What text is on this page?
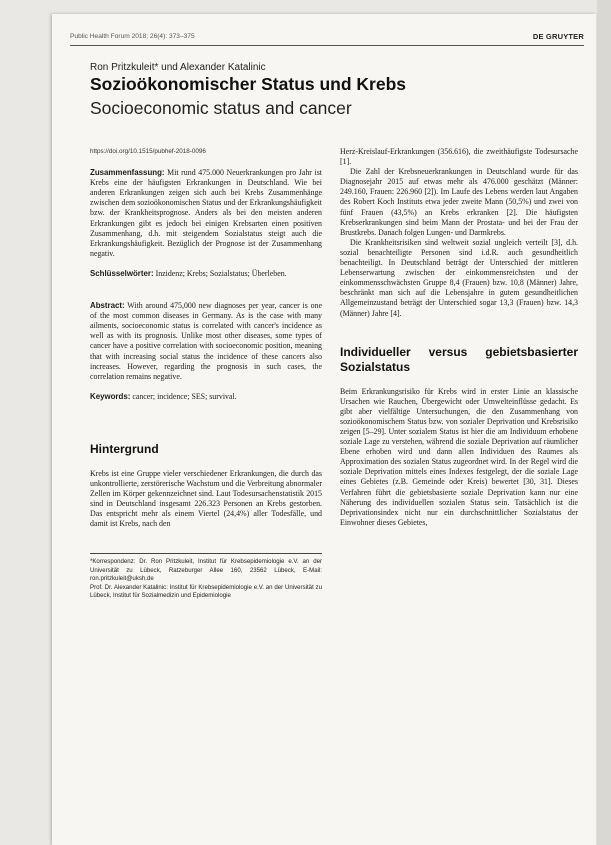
Public Health Forum 2018; 26(4): 373–375	DE GRUYTER
Ron Pritzkuleit* und Alexander Katalinic
Sozioökonomischer Status und Krebs
Socioeconomic status and cancer
https://doi.org/10.1515/pubhef-2018-0096

Zusammenfassung: Mit rund 475.000 Neuerkrankungen pro Jahr ist Krebs eine der häufigsten Erkrankungen in Deutschland. Wie bei anderen Erkrankungen zeigen sich auch bei Krebs Zusammenhänge zwischen dem sozioökonomischen Status und der Erkrankungshäufigkeit bzw. der Krankheitsprognose. Anders als bei den meisten anderen Erkrankungen gibt es jedoch bei einigen Krebsarten einen positiven Zusammenhang, d.h. mit steigendem Sozialstatus steigt auch die Erkrankungshäufigkeit. Bezüglich der Prognose ist der Zusammenhang negativ.

Schlüsselwörter: Inzidenz; Krebs; Sozialstatus; Überleben.

Abstract: With around 475,000 new diagnoses per year, cancer is one of the most common diseases in Germany. As is the case with many ailments, socioeconomic status is correlated with cancer's incidence as well as with its prognosis. Unlike most other diseases, some types of cancer have a positive correlation with socioeconomic position, meaning that with increasing social status the incidence of these cancers also increases. However, regarding the prognosis in such cases, the correlation remains negative.

Keywords: cancer; incidence; SES; survival.

Hintergrund

Krebs ist eine Gruppe vieler verschiedener Erkrankungen, die durch das unkontrollierte, zerstörerische Wachstum und die Verbreitung abnormaler Zellen im Körper gekennzeichnet sind. Laut Todesursachenstatistik 2015 sind in Deutschland insgesamt 226.323 Personen an Krebs gestorben. Das entspricht mehr als einem Viertel (24,4%) aller Todesfälle, und damit ist Krebs, nach den

*Korrespondenz: Dr. Ron Pritzkuleit, Institut für Krebsepidemiologie e.V. an der Universität zu Lübeck, Ratzeburger Allee 160, 23562 Lübeck, E-Mail: ron.pritzkuleit@uksh.de

Prof. Dr. Alexander Katalinic: Institut für Krebsepidemiologie e.V. an der Universität zu Lübeck, Institut für Sozialmedizin und Epidemiologie

Herz-Kreislauf-Erkrankungen (356.616), die zweithäufigste Todesursache [1].

Die Zahl der Krebsneuerkrankungen in Deutschland wurde für das Diagnosejahr 2015 auf etwas mehr als 476.000 geschätzt (Männer: 249.160, Frauen: 226.960 [2]). Im Laufe des Lebens werden laut Angaben des Robert Koch Instituts etwa jeder zweite Mann (50,5%) und zwei von fünf Frauen (43,5%) an Krebs erkranken [2]. Die häufigsten Krebserkrankungen sind beim Mann der Prostata- und bei der Frau der Brustkrebs. Danach folgen Lungen- und Darmkrebs.

Die Krankheitsrisiken sind weltweit sozial ungleich verteilt [3], d.h. sozial benachteiligte Personen sind i.d.R. auch gesundheitlich benachteiligt. In Deutschland beträgt der Unterschied der mittleren Lebenserwartung zwischen der einkommensreichsten und der einkommensschwächsten Gruppe 8,4 (Frauen) bzw. 10,8 (Männer) Jahre, beschränkt man sich auf die Lebensjahre in gutem gesundheitlichen Allgemeinzustand beträgt der Unterschied sogar 13,3 (Frauen) bzw. 14,3 (Männer) Jahre [4].

Individueller versus gebietsbasierter Sozialstatus

Beim Erkrankungsrisiko für Krebs wird in erster Linie an klassische Ursachen wie Rauchen, Übergewicht oder Umwelteinflüsse gedacht. Es gibt aber vielfältige Untersuchungen, die den Zusammenhang von sozioökonomischem Status bzw. von sozialer Deprivation und Krebsrisiko zeigen [5–29]. Unter sozialem Status ist hier die am Individuum erhobene soziale Lage zu verstehen, während die soziale Deprivation auf räumlicher Ebene erhoben wird und dann allen Individuen des Raumes als Approximation des sozialen Status zugeordnet wird. In der Regel wird die soziale Deprivation mittels eines Indexes festgelegt, der die soziale Lage eines Gebietes (z.B. Gemeinde oder Kreis) bewertet [30, 31]. Dieses Verfahren führt die gebietsbasierte soziale Deprivation kann nur eine Näherung des individuellen sozialen Status sein. Tatsächlich ist die Deprivationsindex nicht nur ein durchschnittlicher Sozialstatus der Einwohner dieses Gebietes,
